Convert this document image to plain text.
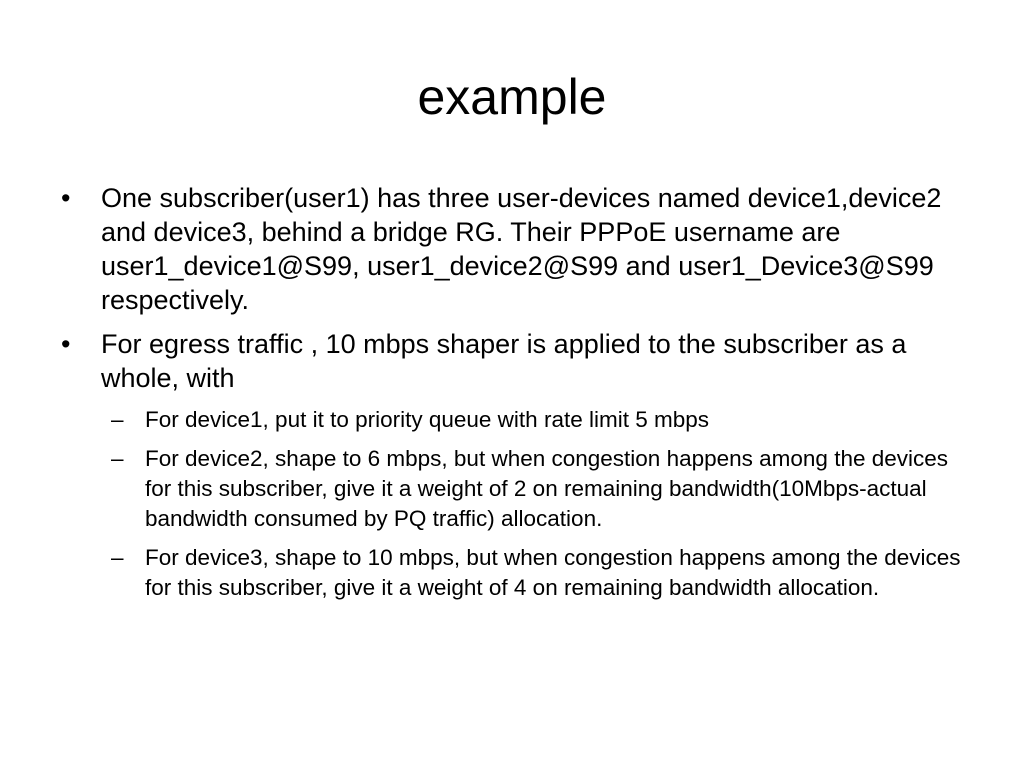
example
• One subscriber(user1) has three user-devices named device1,device2 and device3, behind a bridge RG. Their PPPoE username are user1_device1@S99, user1_device2@S99 and user1_Device3@S99 respectively.
• For egress traffic , 10 mbps shaper is applied to the subscriber as a whole, with
– For device1, put it to priority queue with rate limit 5 mbps
– For device2, shape to 6 mbps, but when congestion happens among the devices for this subscriber, give it a weight of 2 on remaining bandwidth(10Mbps-actual bandwidth consumed by PQ traffic) allocation.
– For device3, shape to 10 mbps, but when congestion happens among the devices for this subscriber, give it a weight of 4 on remaining bandwidth allocation.
